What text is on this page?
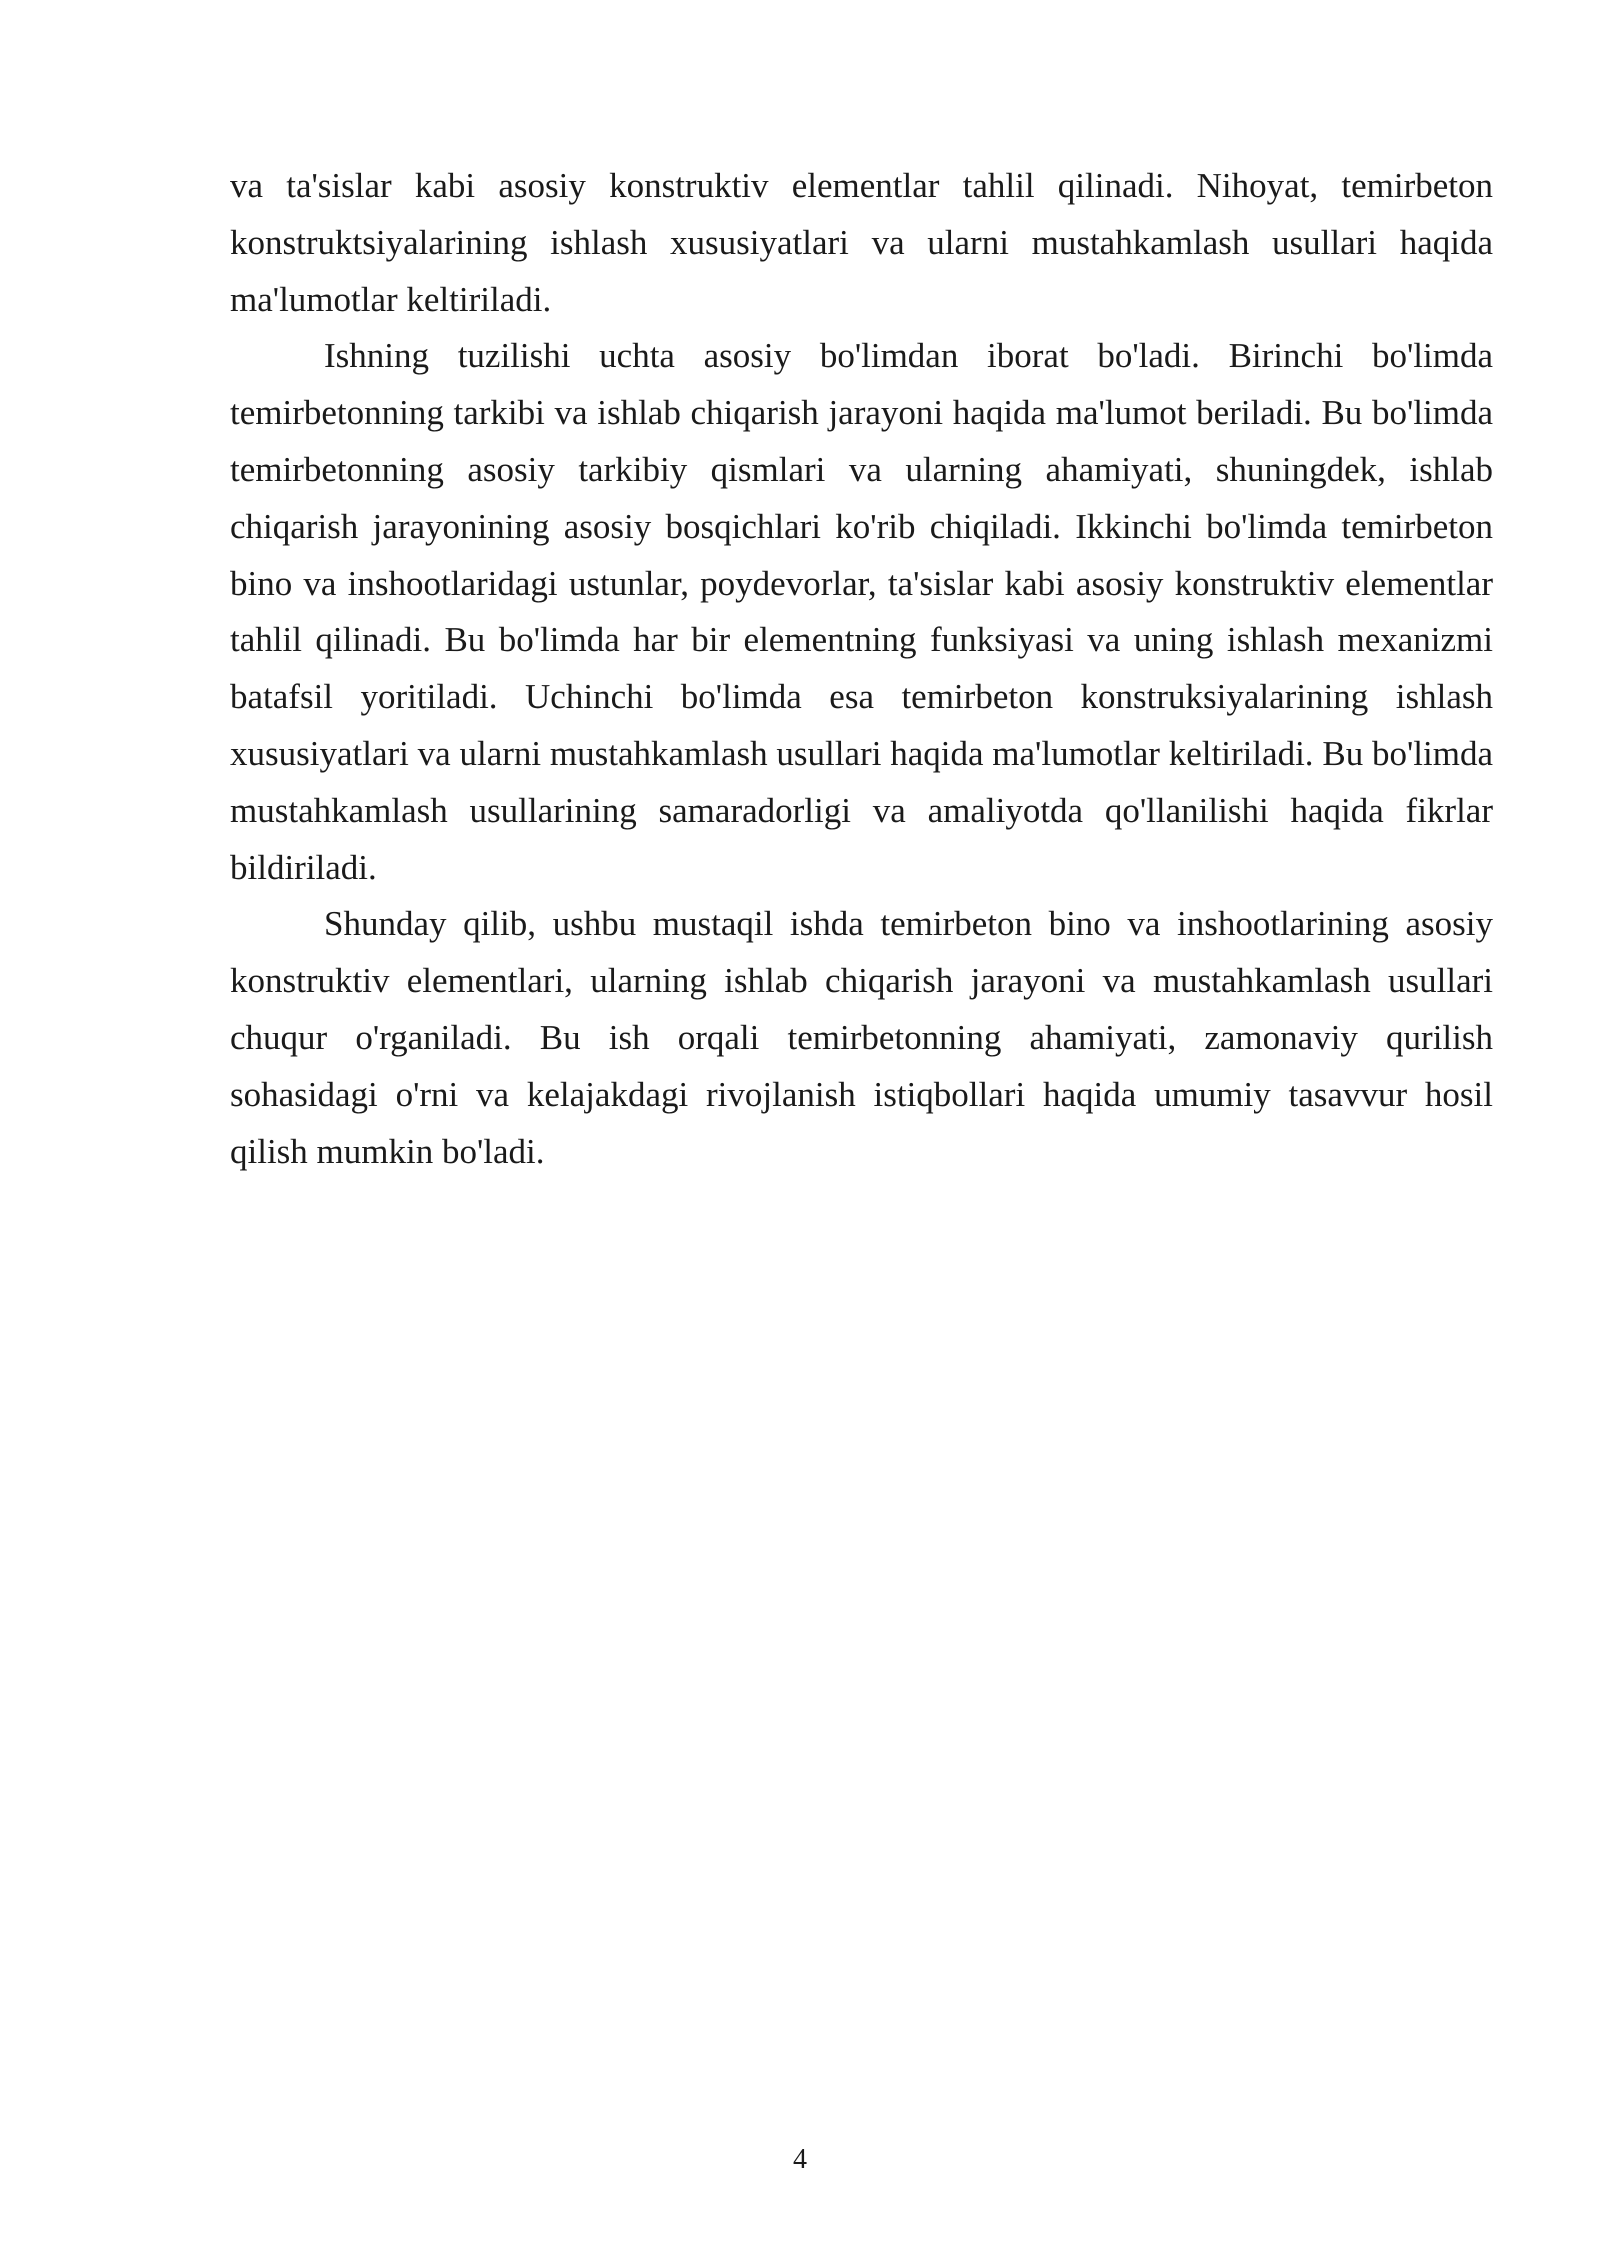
va ta'sislar kabi asosiy konstruktiv elementlar tahlil qilinadi. Nihoyat, temirbeton konstruktsiyalarining ishlash xususiyatlari va ularni mustahkamlash usullari haqida ma'lumotlar keltiriladi.

Ishning tuzilishi uchta asosiy bo'limdan iborat bo'ladi. Birinchi bo'limda temirbetonning tarkibi va ishlab chiqarish jarayoni haqida ma'lumot beriladi. Bu bo'limda temirbetonning asosiy tarkibiy qismlari va ularning ahamiyati, shuningdek, ishlab chiqarish jarayonining asosiy bosqichlari ko'rib chiqiladi. Ikkinchi bo'limda temirbeton bino va inshootlaridagi ustunlar, poydevorlar, ta'sislar kabi asosiy konstruktiv elementlar tahlil qilinadi. Bu bo'limda har bir elementning funksiyasi va uning ishlash mexanizmi batafsil yoritiladi. Uchinchi bo'limda esa temirbeton konstruksiyalarining ishlash xususiyatlari va ularni mustahkamlash usullari haqida ma'lumotlar keltiriladi. Bu bo'limda mustahkamlash usullarining samaradorligi va amaliyotda qo'llanilishi haqida fikrlar bildiriladi.

Shunday qilib, ushbu mustaqil ishda temirbeton bino va inshootlarining asosiy konstruktiv elementlari, ularning ishlab chiqarish jarayoni va mustahkamlash usullari chuqur o'rganiladi. Bu ish orqali temirbetonning ahamiyati, zamonaviy qurilish sohasidagi o'rni va kelajakdagi rivojlanish istiqbollari haqida umumiy tasavvur hosil qilish mumkin bo'ladi.

4
